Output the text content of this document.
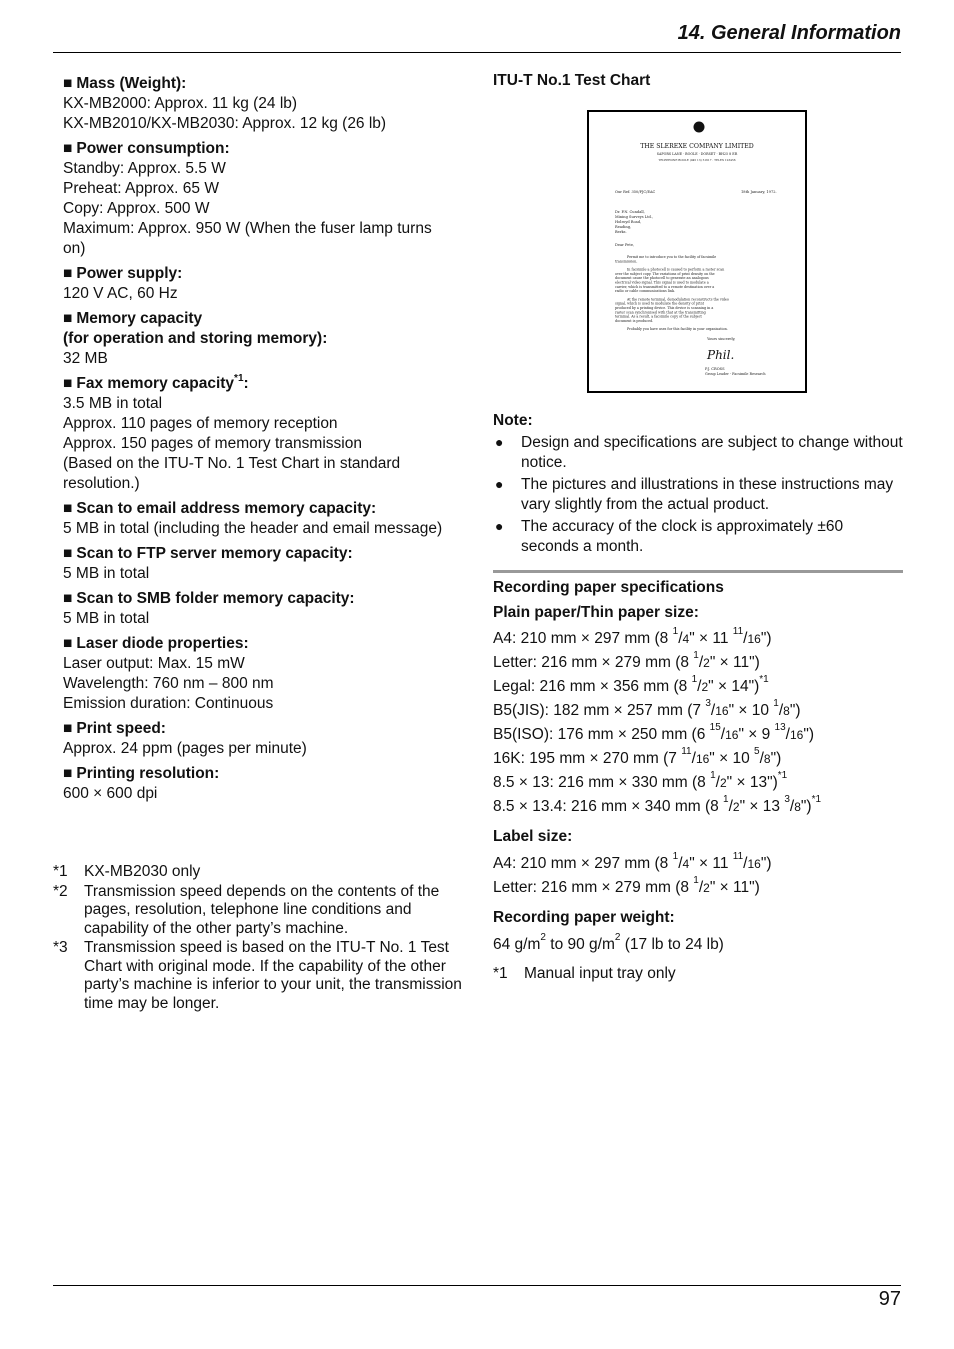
14. General Information
■ Mass (Weight):
KX-MB2000: Approx. 11 kg (24 lb)
KX-MB2010/KX-MB2030: Approx. 12 kg (26 lb)
■ Power consumption:
Standby: Approx. 5.5 W
Preheat: Approx. 65 W
Copy: Approx. 500 W
Maximum: Approx. 950 W (When the fuser lamp turns on)
■ Power supply:
120 V AC, 60 Hz
■ Memory capacity
(for operation and storing memory):
32 MB
■ Fax memory capacity$^{*1}$:
3.5 MB in total
Approx. 110 pages of memory reception
Approx. 150 pages of memory transmission
(Based on the ITU-T No. 1 Test Chart in standard resolution.)
■ Scan to email address memory capacity:
5 MB in total (including the header and email message)
■ Scan to FTP server memory capacity:
5 MB in total
■ Scan to SMB folder memory capacity:
5 MB in total
■ Laser diode properties:
Laser output: Max. 15 mW
Wavelength: 760 nm – 800 nm
Emission duration: Continuous
■ Print speed:
Approx. 24 ppm (pages per minute)
■ Printing resolution:
600 × 600 dpi
*1	KX-MB2030 only
*2	Transmission speed depends on the contents of the pages, resolution, telephone line conditions and capability of the other party’s machine.
*3	Transmission speed is based on the ITU-T No. 1 Test Chart with original mode. If the capability of the other party’s machine is inferior to your unit, the transmission time may be longer.
ITU-T No.1 Test Chart
THE SLEREXE COMPANY LIMITED
SAPORS LANE · BOOLE · DORSET · BH25 8 ER
TELEPHONE BOOLE (945 13) 51617 · TELEX 123456
Our Ref. 350/PJC/EAC	18th January, 1972.
Dr. P.N. Cundall,
Mining Surveys Ltd.,
Holroyd Road,
Reading,
Berks.
Dear Pete,
Permit me to introduce you to the facility of facsimile
transmission.
In facsimile a photocell is caused to perform a raster scan
over the subject copy. The variations of print density on the
document cause the photocell to generate an analogous
electrical video signal. This signal is used to modulate a
carrier, which is transmitted to a remote destination over a
radio or cable communications link.
At the remote terminal, demodulation reconstructs the video
signal, which is used to modulate the density of print
produced by a printing device. This device is scanning in a
raster scan synchronised with that at the transmitting
terminal. As a result, a facsimile copy of the subject
document is produced.
Probably you have uses for this facility in your organisation.
Yours sincerely,
Phil.
P.J. CROSS
Group Leader - Facsimile Research
Note:
●	Design and specifications are subject to change without notice.
●	The pictures and illustrations in these instructions may vary slightly from the actual product.
●	The accuracy of the clock is approximately ±60 seconds a month.
Recording paper specifications
Plain paper/Thin paper size:
A4: 210 mm × 297 mm (8 $^1$/4" × 11 $^{11}$/16")
Letter: 216 mm × 279 mm (8 $^1$/2" × 11")
Legal: 216 mm × 356 mm (8 $^1$/2" × 14")$^{*1}$
B5(JIS): 182 mm × 257 mm (7 $^3$/16" × 10 $^1$/8")
B5(ISO): 176 mm × 250 mm (6 $^{15}$/16" × 9 $^{13}$/16")
16K: 195 mm × 270 mm (7 $^{11}$/16" × 10 $^5$/8")
8.5 × 13: 216 mm × 330 mm (8 $^1$/2" × 13")$^{*1}$
8.5 × 13.4: 216 mm × 340 mm (8 $^1$/2" × 13 $^3$/8")$^{*1}$
Label size:
A4: 210 mm × 297 mm (8 $^1$/4" × 11 $^{11}$/16")
Letter: 216 mm × 279 mm (8 $^1$/2" × 11")
Recording paper weight:
64 $g/m^2$ to 90 $g/m^2$ (17 lb to 24 lb)
*1	Manual input tray only
97
